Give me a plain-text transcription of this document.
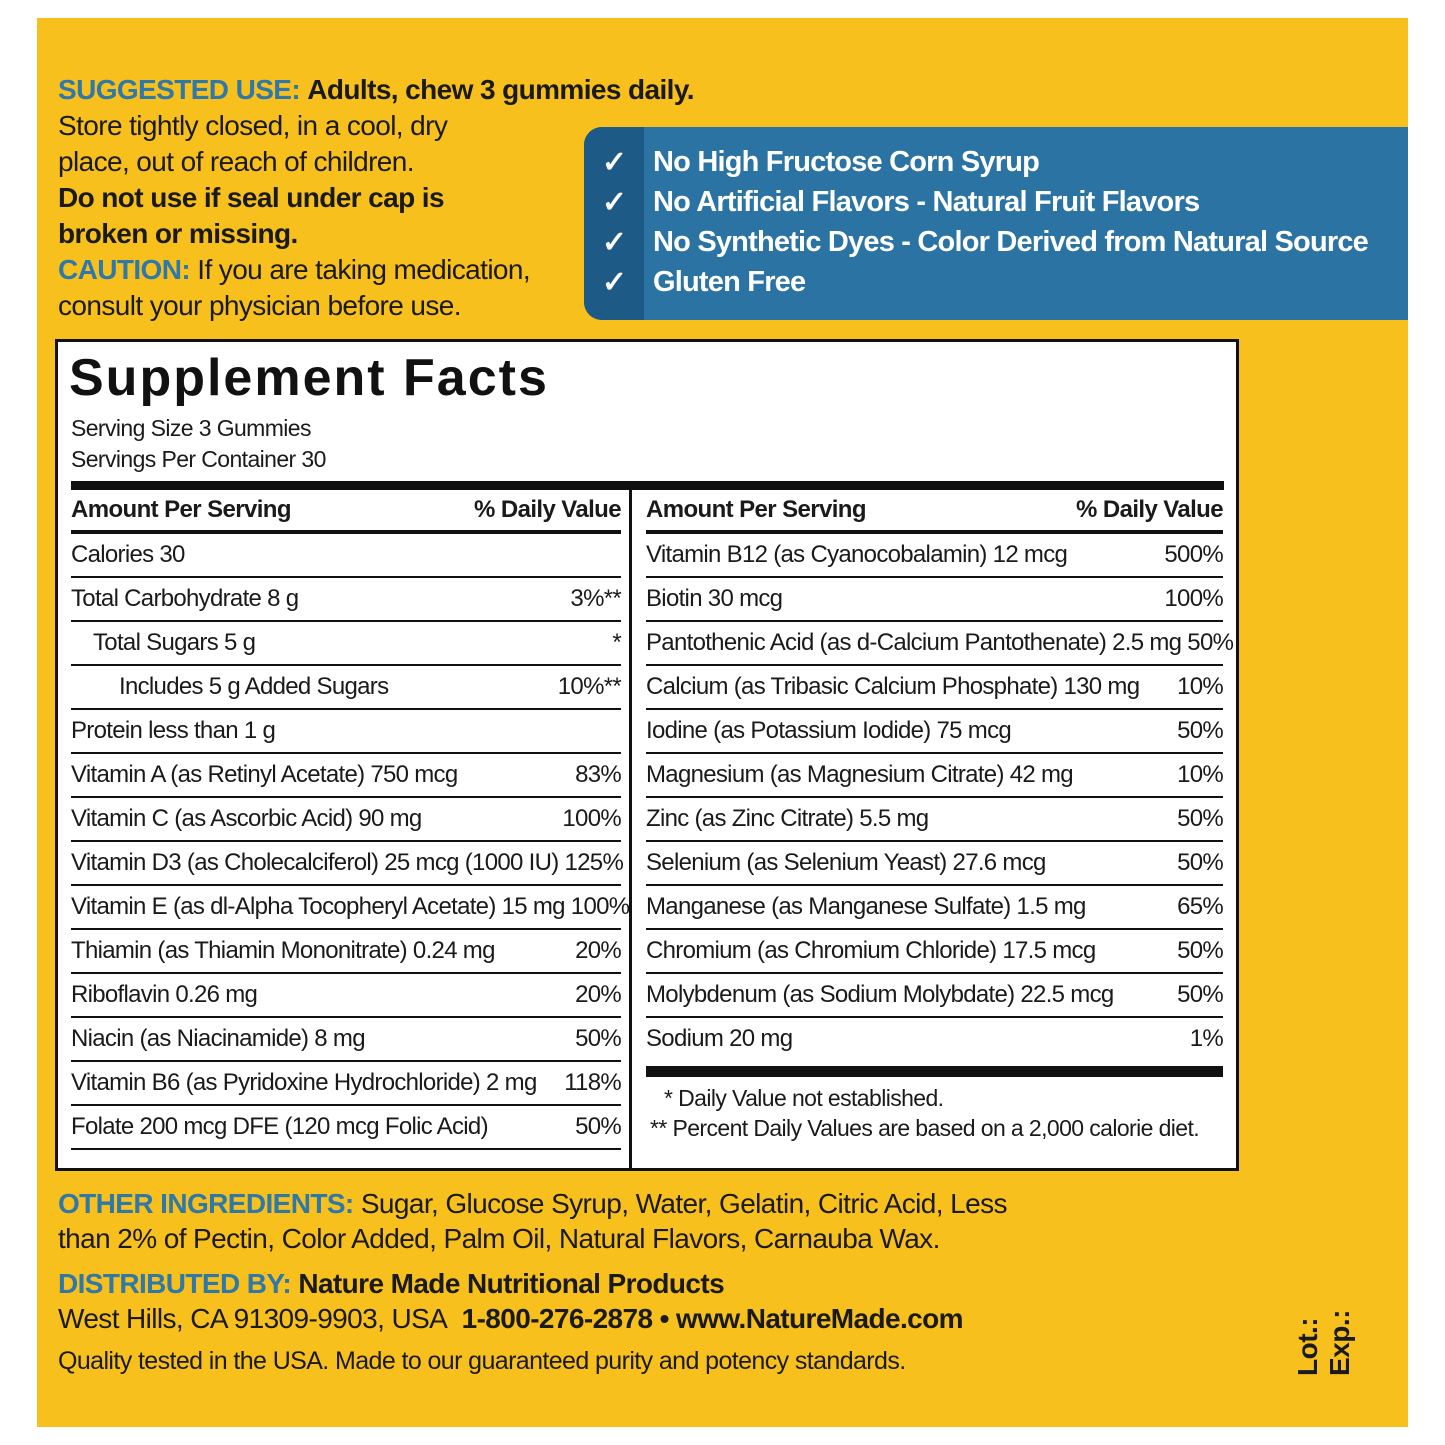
SUGGESTED USE: Adults, chew 3 gummies daily.
Store tightly closed, in a cool, dry
place, out of reach of children.
Do not use if seal under cap is
broken or missing.
CAUTION: If you are taking medication,
consult your physician before use.
✓ No High Fructose Corn Syrup
✓ No Artificial Flavors - Natural Fruit Flavors
✓ No Synthetic Dyes - Color Derived from Natural Source
✓ Gluten Free
Supplement Facts
Serving Size 3 Gummies
Servings Per Container 30
Amount Per Serving	% Daily Value
Calories 30
Total Carbohydrate 8 g	3%**
Total Sugars 5 g	*
Includes 5 g Added Sugars	10%**
Protein less than 1 g
Vitamin A (as Retinyl Acetate) 750 mcg	83%
Vitamin C (as Ascorbic Acid) 90 mg	100%
Vitamin D3 (as Cholecalciferol) 25 mcg (1000 IU) 125%
Vitamin E (as dl-Alpha Tocopheryl Acetate) 15 mg 100%
Thiamin (as Thiamin Mononitrate) 0.24 mg	20%
Riboflavin 0.26 mg	20%
Niacin (as Niacinamide) 8 mg	50%
Vitamin B6 (as Pyridoxine Hydrochloride) 2 mg 118%
Folate 200 mcg DFE (120 mcg Folic Acid)	50%
Amount Per Serving	% Daily Value
Vitamin B12 (as Cyanocobalamin) 12 mcg	500%
Biotin 30 mcg	100%
Pantothenic Acid (as d-Calcium Pantothenate) 2.5 mg 50%
Calcium (as Tribasic Calcium Phosphate) 130 mg 10%
Iodine (as Potassium Iodide) 75 mcg	50%
Magnesium (as Magnesium Citrate) 42 mg	10%
Zinc (as Zinc Citrate) 5.5 mg	50%
Selenium (as Selenium Yeast) 27.6 mcg	50%
Manganese (as Manganese Sulfate) 1.5 mg	65%
Chromium (as Chromium Chloride) 17.5 mcg	50%
Molybdenum (as Sodium Molybdate) 22.5 mcg	50%
Sodium 20 mg	1%
* Daily Value not established.
** Percent Daily Values are based on a 2,000 calorie diet.
OTHER INGREDIENTS: Sugar, Glucose Syrup, Water, Gelatin, Citric Acid, Less
than 2% of Pectin, Color Added, Palm Oil, Natural Flavors, Carnauba Wax.
DISTRIBUTED BY: Nature Made Nutritional Products
West Hills, CA 91309-9903, USA 1-800-276-2878 • www.NatureMade.com
Quality tested in the USA. Made to our guaranteed purity and potency standards.	Lot.: Exp.:
